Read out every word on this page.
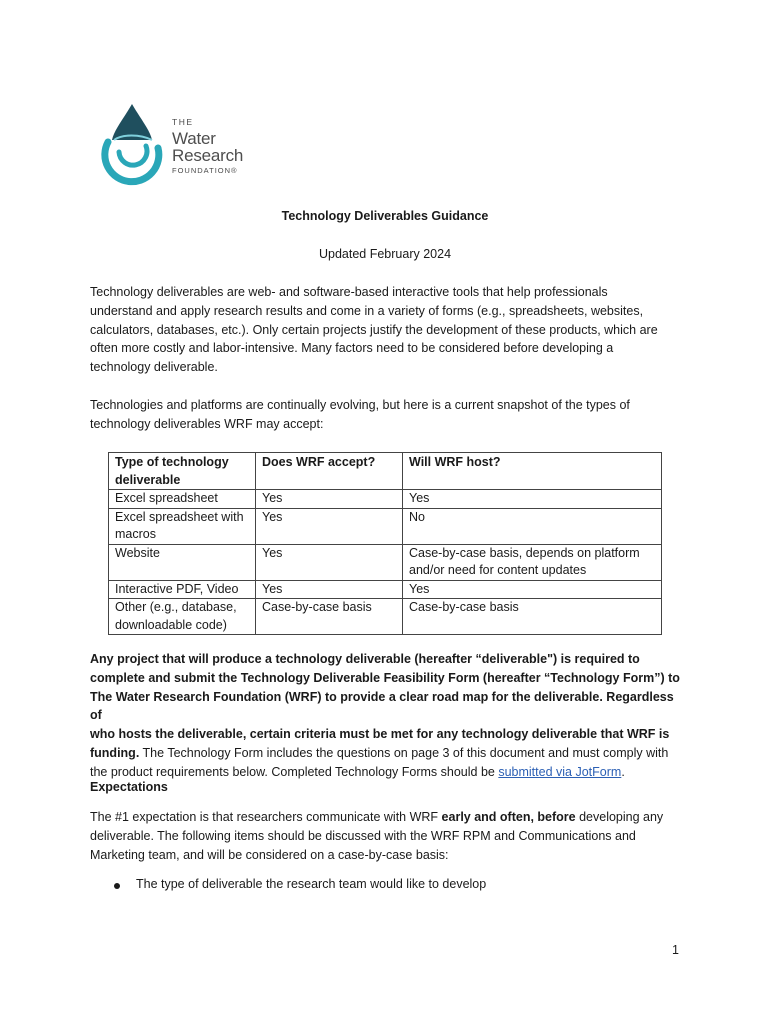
THE
Water
Research
FOUNDATION®
Technology Deliverables Guidance
Updated February 2024

Technology deliverables are web- and software-based interactive tools that help professionals
understand and apply research results and come in a variety of forms (e.g., spreadsheets, websites,
calculators, databases, etc.). Only certain projects justify the development of these products, which are
often more costly and labor-intensive. Many factors need to be considered before developing a
technology deliverable.

Technologies and platforms are continually evolving, but here is a current snapshot of the types of
technology deliverables WRF may accept:

Type of technology deliverable	Does WRF accept?	Will WRF host?
Excel spreadsheet	Yes	Yes
Excel spreadsheet with macros	Yes	No
Website	Yes	Case-by-case basis, depends on platform and/or need for content updates
Interactive PDF, Video	Yes	Yes
Other (e.g., database, downloadable code)	Case-by-case basis	Case-by-case basis

Any project that will produce a technology deliverable (hereafter “deliverable") is required to
complete and submit the Technology Deliverable Feasibility Form (hereafter “Technology Form”) to
The Water Research Foundation (WRF) to provide a clear road map for the deliverable. Regardless of
who hosts the deliverable, certain criteria must be met for any technology deliverable that WRF is
funding. The Technology Form includes the questions on page 3 of this document and must comply with
the product requirements below. Completed Technology Forms should be submitted via JotForm.

Expectations

The #1 expectation is that researchers communicate with WRF early and often, before developing any
deliverable. The following items should be discussed with the WRF RPM and Communications and
Marketing team, and will be considered on a case-by-case basis:

The type of deliverable the research team would like to develop
1
